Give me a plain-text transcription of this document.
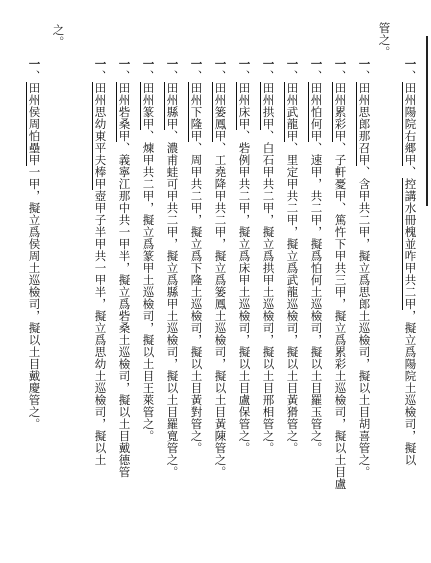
管之。
一、田州陽院右郷甲、控講水冊槐並咋甲共二甲，擬立爲陽院土巡檢司，擬以
一、田州思郎那召甲、含甲共二甲，擬立爲思郎土巡檢司，擬以土目胡喜管之。
一、田州累彩甲、子軒憂甲、篤忤下甲共三甲，擬立爲累彩土巡檢司，擬以土目盧
一、田州怕何甲、速甲，共二甲，擬爲怕何土巡檢司，擬以土目羅玉管之。
一、田州武龍甲、里定甲共二甲，擬立爲武龍巡檢司，擬以土目黃猾管之。
一、田州拱甲、白石甲共二甲，擬立爲拱甲土巡檢司，擬以土目邢相管之。
一、田州床甲、砦例甲共二甲，擬立爲床甲土巡檢司，擬以土目盧保管之。
一、田州篓鳳甲、工堯降甲共二甲，擬立爲篓鳳土巡檢司，擬以土目黃陳管之。
一、田州下隆甲、周甲共二甲，擬立爲下隆土巡檢司，擬以土目黃對管之。
一、田州縣甲、濃甫蛙可甲共二甲，擬立爲縣甲土巡檢司，擬以土目羅寬管之。
一、田州篆甲、煉甲共二甲，擬立爲篆甲土巡檢司，擬以土目王萊管之。
一、田州砦桑甲、義寧江那中共一甲半，擬立爲砦桑土巡檢司，擬以土目戴德管
一、田州思幼東平夫棒甲壺甲子半甲共一甲半，擬立爲思幼土巡檢司，擬以土
之。
一、田州侯周怕壘甲一甲，擬立爲侯周土巡檢司，擬以土目戴慶管之。
